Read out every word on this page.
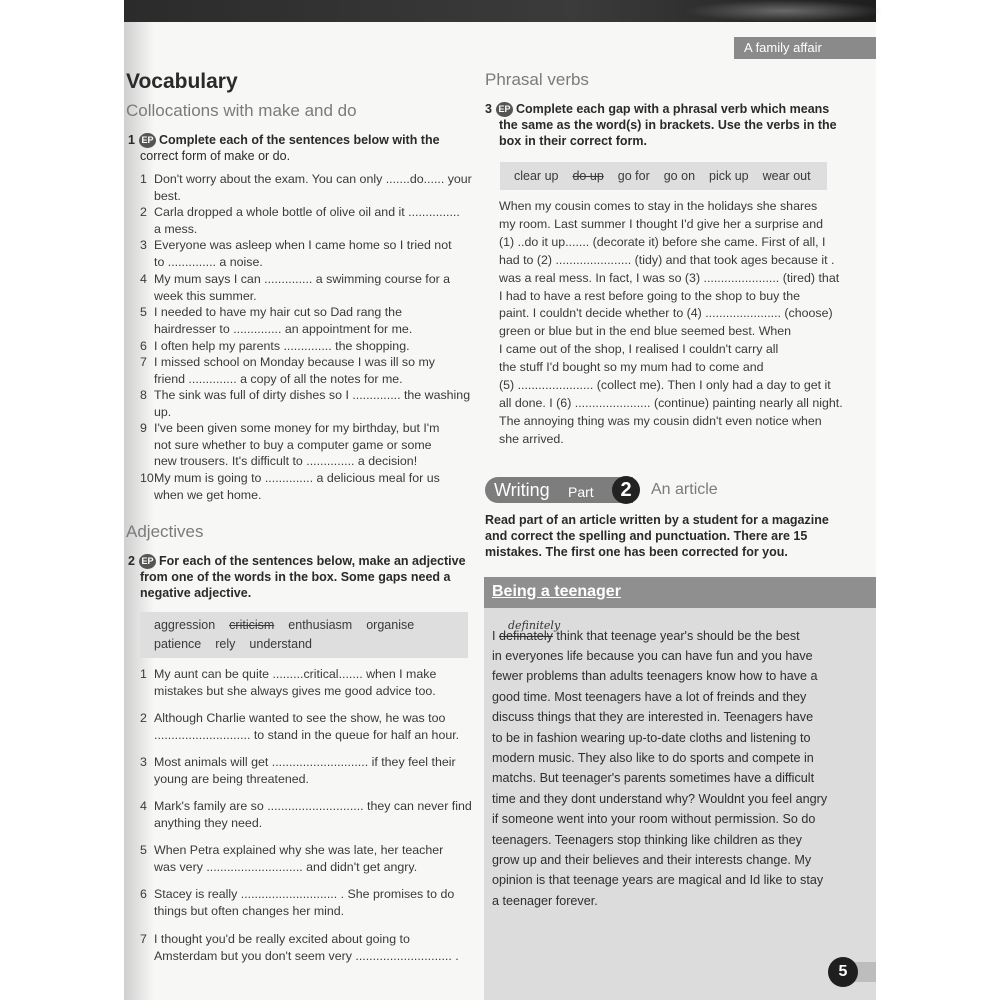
A family affair
Vocabulary
Collocations with make and do
1 EP Complete each of the sentences below with the
correct form of make or do.
1 Don't worry about the exam. You can only .......do...... your
best.
2 Carla dropped a whole bottle of olive oil and it ...............
a mess.
3 Everyone was asleep when I came home so I tried not
to .............. a noise.
4 My mum says I can .............. a swimming course for a
week this summer.
5 I needed to have my hair cut so Dad rang the
hairdresser to .............. an appointment for me.
6 I often help my parents .............. the shopping.
7 I missed school on Monday because I was ill so my
friend .............. a copy of all the notes for me.
8 The sink was full of dirty dishes so I .............. the washing
up.
9 I've been given some money for my birthday, but I'm
not sure whether to buy a computer game or some
new trousers. It's difficult to .............. a decision!
10 My mum is going to .............. a delicious meal for us
when we get home.
Adjectives
2 EP For each of the sentences below, make an adjective
from one of the words in the box. Some gaps need a
negative adjective.
aggression criticism enthusiasm organise
patience rely understand
1 My aunt can be quite .........critical....... when I make
mistakes but she always gives me good advice too.
2 Although Charlie wanted to see the show, he was too
............................ to stand in the queue for half an hour.
3 Most animals will get ............................ if they feel their
young are being threatened.
4 Mark's family are so ............................ they can never find
anything they need.
5 When Petra explained why she was late, her teacher
was very ............................ and didn't get angry.
6 Stacey is really ............................ . She promises to do
things but often changes her mind.
7 I thought you'd be really excited about going to
Amsterdam but you don't seem very ............................ .
Phrasal verbs
3 EP Complete each gap with a phrasal verb which means
the same as the word(s) in brackets. Use the verbs in the
box in their correct form.
clear up do up go for go on pick up wear out
When my cousin comes to stay in the holidays she shares
my room. Last summer I thought I'd give her a surprise and
(1) ..do it up....... (decorate it) before she came. First of all, I
had to (2) ...................... (tidy) and that took ages because it .
was a real mess. In fact, I was so (3) ...................... (tired) that
I had to have a rest before going to the shop to buy the
paint. I couldn't decide whether to (4) ...................... (choose)
green or blue but in the end blue seemed best. When
I came out of the shop, I realised I couldn't carry all
the stuff I'd bought so my mum had to come and
(5) ...................... (collect me). Then I only had a day to get it
all done. I (6) ...................... (continue) painting nearly all night.
The annoying thing was my cousin didn't even notice when
she arrived.
Writing Part	2	An article
Read part of an article written by a student for a magazine
and correct the spelling and punctuation. There are 15
mistakes. The first one has been corrected for you.
Being a teenager
definitely
I definately think that teenage year's should be the best
in everyones life because you can have fun and you have
fewer problems than adults teenagers know how to have a
good time. Most teenagers have a lot of freinds and they
discuss things that they are interested in. Teenagers have
to be in fashion wearing up-to-date cloths and listening to
modern music. They also like to do sports and compete in
matchs. But teenager's parents sometimes have a difficult
time and they dont understand why? Wouldnt you feel angry
if someone went into your room without permission. So do
teenagers. Teenagers stop thinking like children as they
grow up and their believes and their interests change. My
opinion is that teenage years are magical and Id like to stay
a teenager forever.
5
